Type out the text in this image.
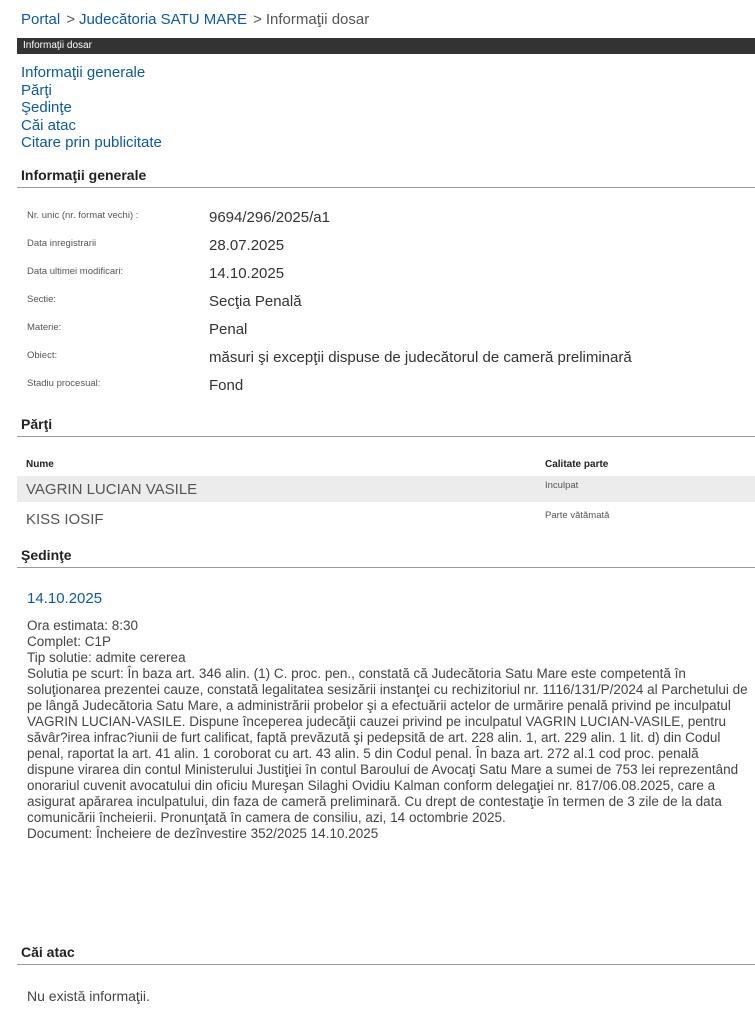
Portal > Judecătoria SATU MARE > Informaţii dosar
Informaţii dosar
Informaţii generale
Părţi
Şedinţe
Căi atac
Citare prin publicitate
Informaţii generale
Nr. unic (nr. format vechi) :	9694/296/2025/a1
Data inregistrarii	28.07.2025
Data ultimei modificari:	14.10.2025
Sectie:	Secţia Penală
Materie:	Penal
Obiect:	măsuri şi excepţii dispuse de judecătorul de cameră preliminară
Stadiu procesual:	Fond
Părţi
Nume	Calitate parte
VAGRIN LUCIAN VASILE	Inculpat
KISS IOSIF	Parte vătămată
Şedinţe
14.10.2025

Ora estimata: 8:30

Complet: C1P

Tip solutie: admite cererea

Solutia pe scurt: În baza art. 346 alin. (1) C. proc. pen., constată că Judecătoria Satu Mare este competentă în soluţionarea prezentei cauze, constată legalitatea sesizării instanţei cu rechizitoriul nr. 1116/131/P/2024 al Parchetului de pe lângă Judecătoria Satu Mare, a administrării probelor şi a efectuării actelor de urmărire penală privind pe inculpatul VAGRIN LUCIAN-VASILE. Dispune începerea judecăţii cauzei privind pe inculpatul VAGRIN LUCIAN-VASILE, pentru săvâr?irea infrac?iunii de furt calificat, faptă prevăzută şi pedepsită de art. 228 alin. 1, art. 229 alin. 1 lit. d) din Codul penal, raportat la art. 41 alin. 1 coroborat cu art. 43 alin. 5 din Codul penal. În baza art. 272 al.1 cod proc. penală dispune virarea din contul Ministerului Justiţiei în contul Baroului de Avocaţi Satu Mare a sumei de 753 lei reprezentând onorariul cuvenit avocatului din oficiu Mureşan Silaghi Ovidiu Kalman conform delegaţiei nr. 817/06.08.2025, care a asigurat apărarea inculpatului, din faza de cameră preliminară. Cu drept de contestaţie în termen de 3 zile de la data comunicării încheierii. Pronunţată în camera de consiliu, azi, 14 octombrie 2025.

Document: Încheiere de dezînvestire 352/2025 14.10.2025

Căi atac
Nu există informaţii.
